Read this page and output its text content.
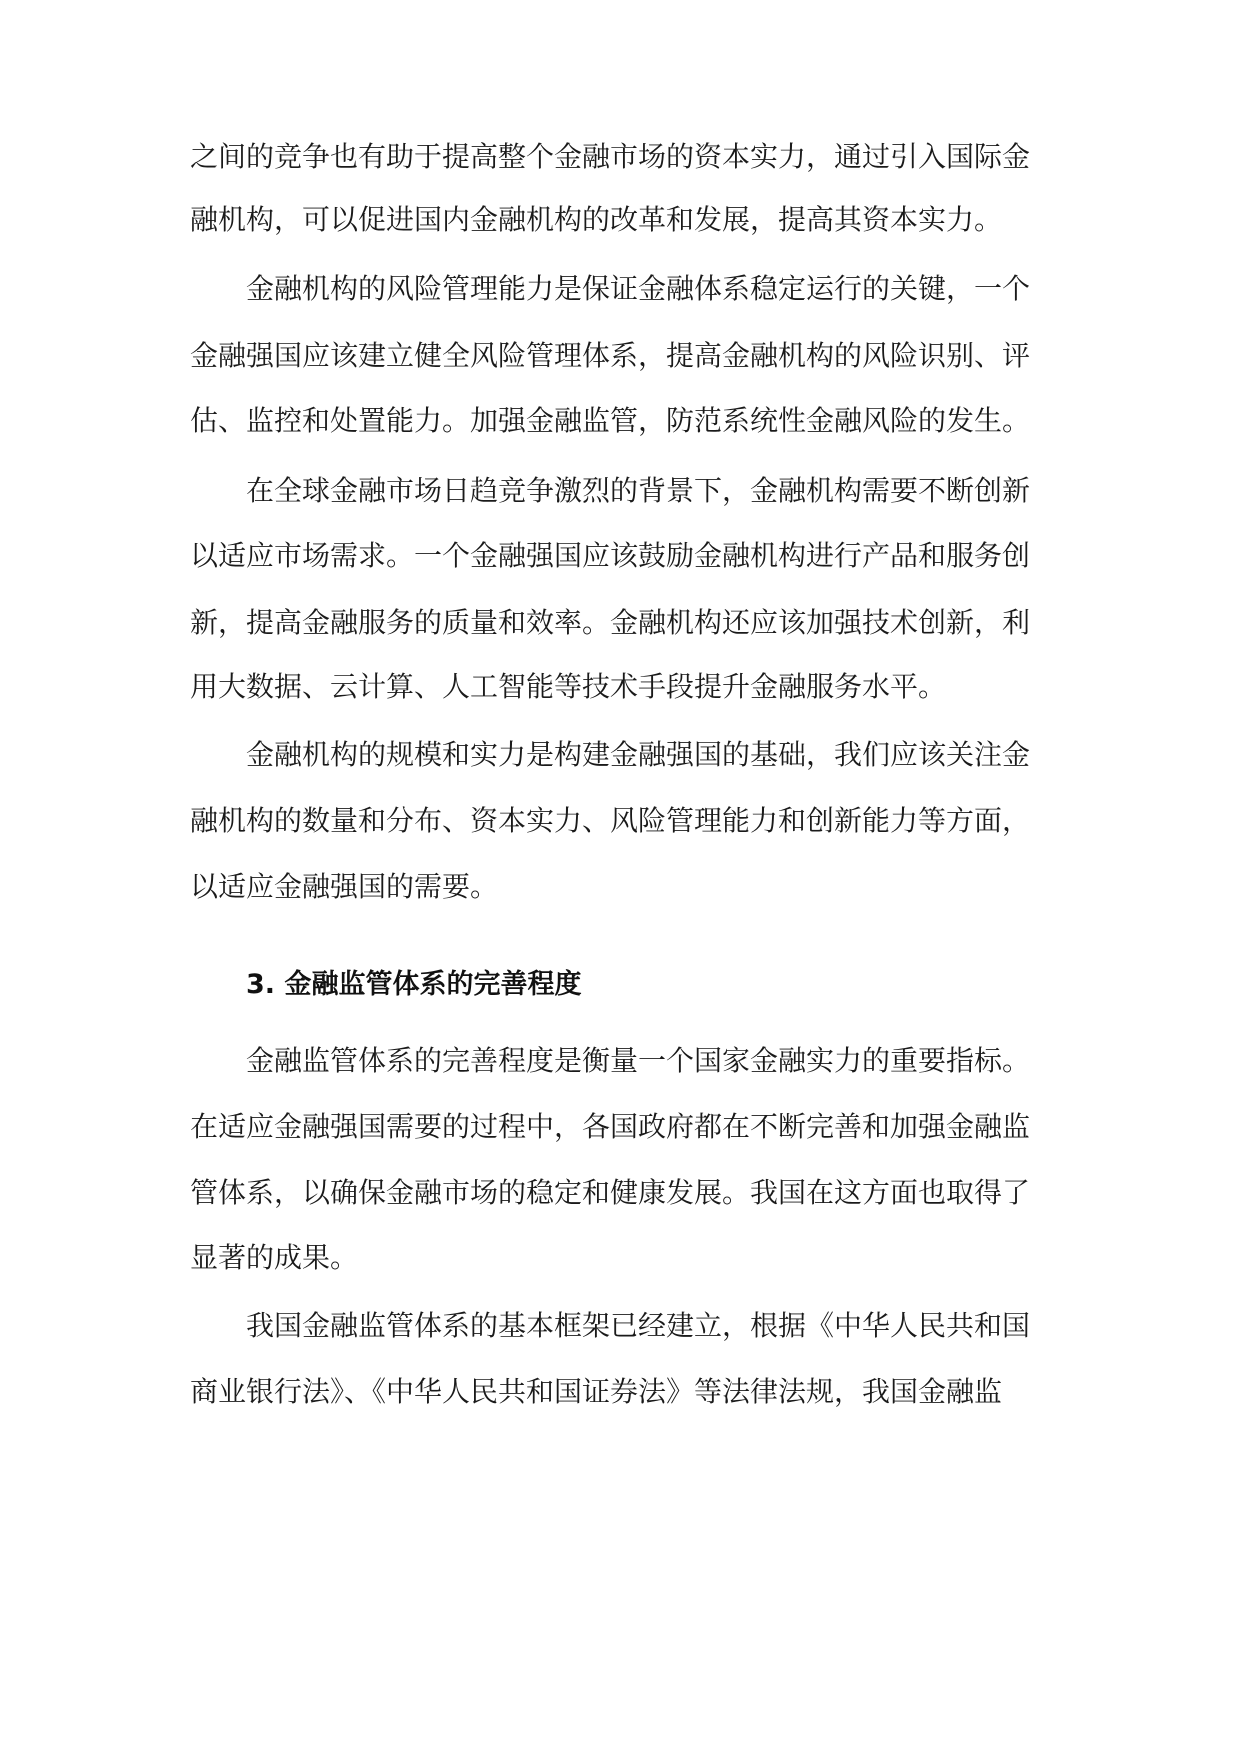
之间的竞争也有助于提高整个金融市场的资本实力，通过引入国际金
融机构，可以促进国内金融机构的改革和发展，提高其资本实力。
金融机构的风险管理能力是保证金融体系稳定运行的关键，一个
金融强国应该建立健全风险管理体系，提高金融机构的风险识别、评
估、监控和处置能力。加强金融监管，防范系统性金融风险的发生。
在全球金融市场日趋竞争激烈的背景下，金融机构需要不断创新
以适应市场需求。一个金融强国应该鼓励金融机构进行产品和服务创
新，提高金融服务的质量和效率。金融机构还应该加强技术创新，利
用大数据、云计算、人工智能等技术手段提升金融服务水平。
金融机构的规模和实力是构建金融强国的基础，我们应该关注金
融机构的数量和分布、资本实力、风险管理能力和创新能力等方面，
以适应金融强国的需要。
3. 金融监管体系的完善程度
金融监管体系的完善程度是衡量一个国家金融实力的重要指标。
在适应金融强国需要的过程中，各国政府都在不断完善和加强金融监
管体系，以确保金融市场的稳定和健康发展。我国在这方面也取得了
显著的成果。
我国金融监管体系的基本框架已经建立，根据《中华人民共和国
商业银行法》、《中华人民共和国证券法》等法律法规，我国金融监
